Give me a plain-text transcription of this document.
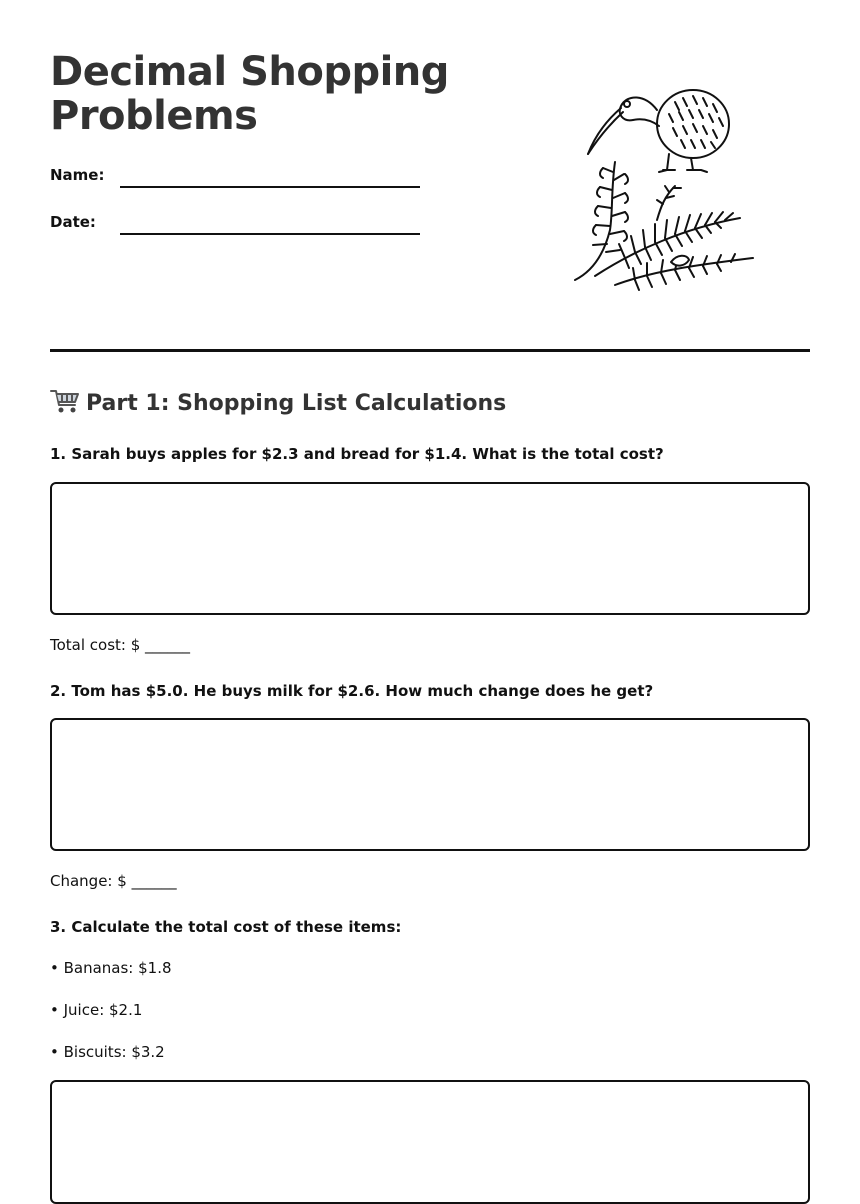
Decimal Shopping Problems
Name:
Date:
Part 1: Shopping List Calculations
1. Sarah buys apples for $2.3 and bread for $1.4. What is the total cost?
Total cost: $ ______
2. Tom has $5.0. He buys milk for $2.6. How much change does he get?
Change: $ ______
3. Calculate the total cost of these items:
• Bananas: $1.8
• Juice: $2.1
• Biscuits: $3.2
